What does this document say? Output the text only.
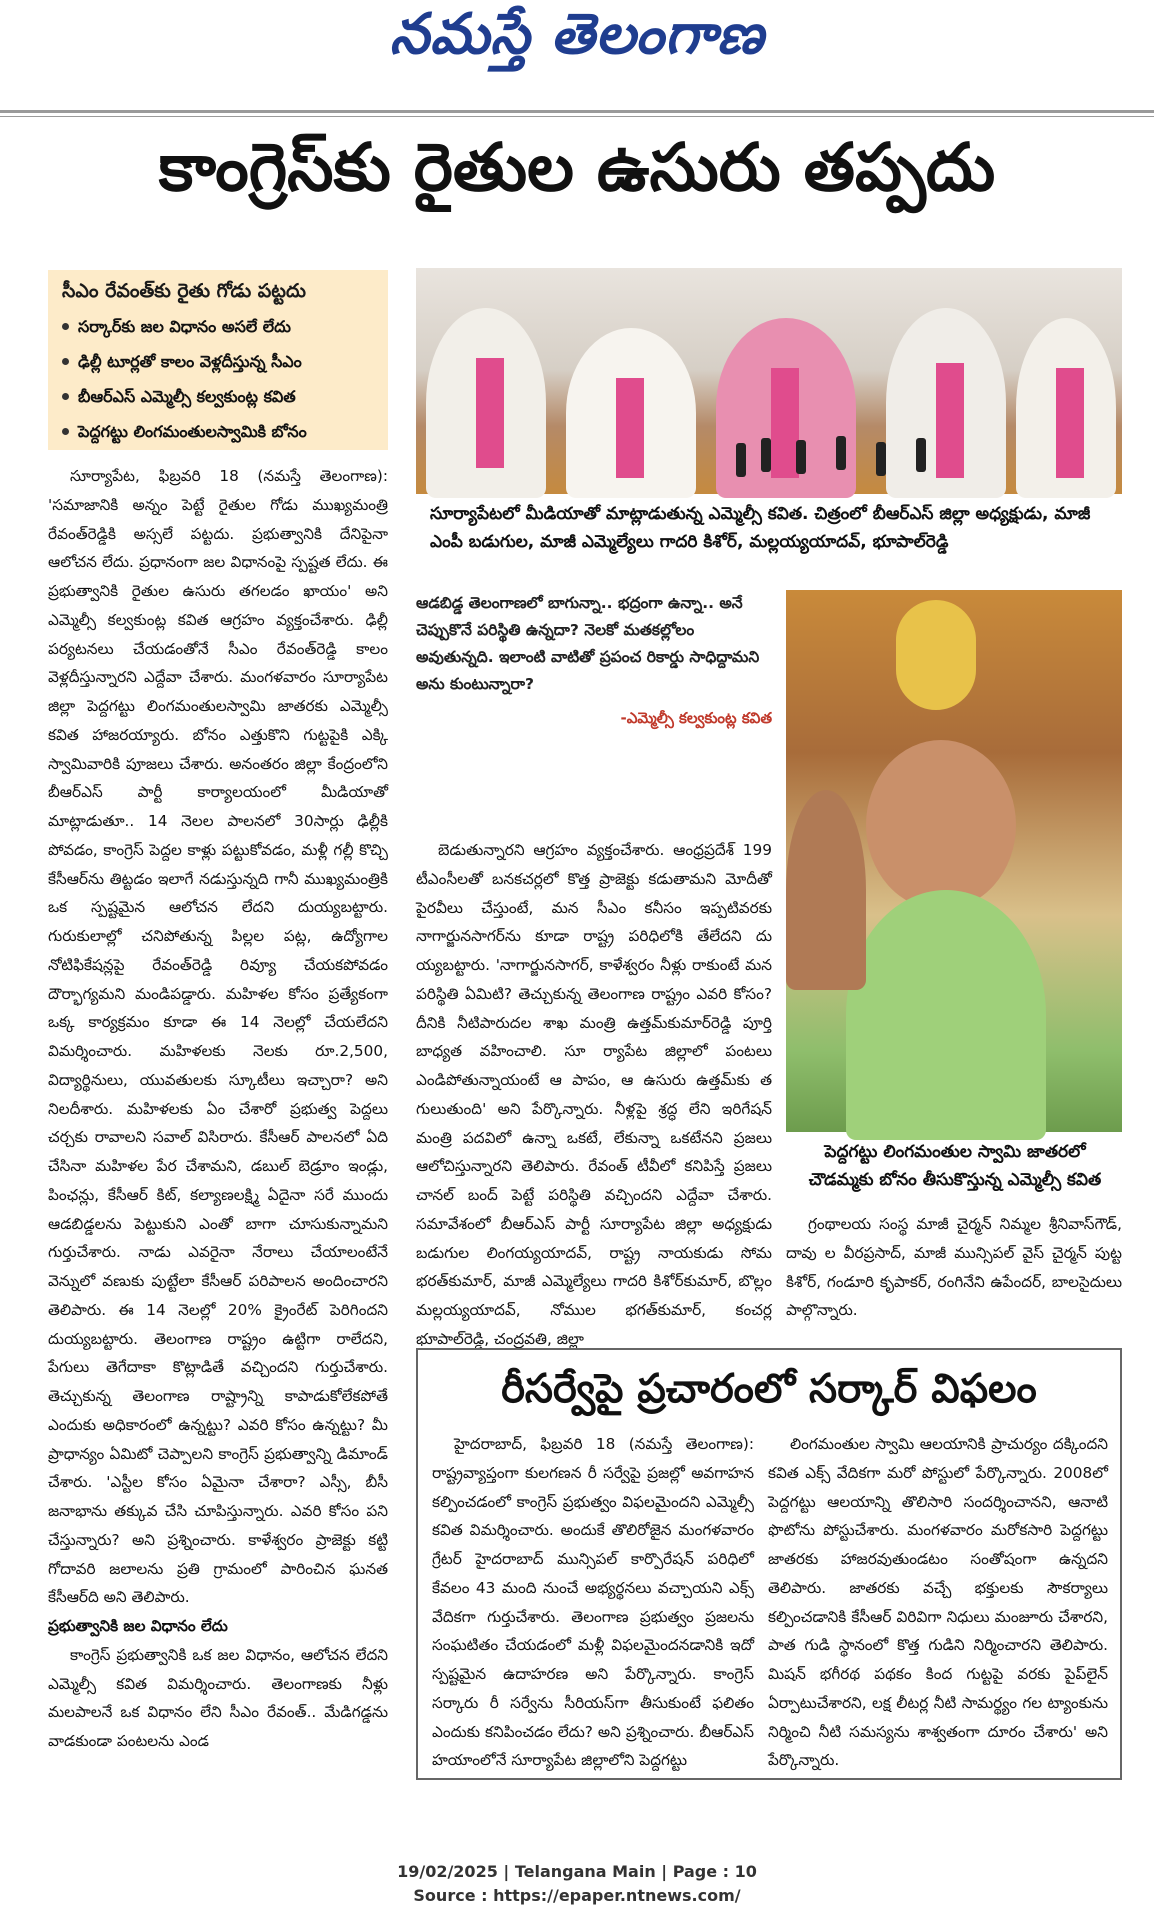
నమస్తే తెలంగాణ
కాంగ్రెస్‌కు రైతుల ఉసురు తప్పదు
సీఎం రేవంత్‌కు రైతు గోడు పట్టదు
సర్కార్‌కు జల విధానం అసలే లేదు
ఢిల్లీ టూర్లతో కాలం వెళ్లదీస్తున్న సీఎం
బీఆర్‌ఎస్ ఎమ్మెల్సీ కల్వకుంట్ల కవిత
పెద్దగట్టు లింగమంతులస్వామికి బోనం
సూర్యాపేటలో మీడియాతో మాట్లాడుతున్న ఎమ్మెల్సీ కవిత. చిత్రంలో బీఆర్‌ఎస్ జిల్లా అధ్యక్షుడు, మాజీ ఎంపీ బడుగుల, మాజీ ఎమ్మెల్యేలు గాదరి కిశోర్, మల్లయ్యయాదవ్, భూపాల్‌రెడ్డి
ఆడబిడ్డ తెలంగాణలో బాగున్నా.. భద్రంగా ఉన్నా.. అనే చెప్పుకొనే పరిస్థితి ఉన్నదా? నెలకో మతకల్లోలం అవుతున్నది. ఇలాంటి వాటితో ప్రపంచ రికార్డు సాధిద్దామని అను కుంటున్నారా?
-ఎమ్మెల్సీ కల్వకుంట్ల కవిత
పెద్దగట్టు లింగమంతుల స్వామి జాతరలో చౌడమ్మకు బోనం తీసుకొస్తున్న ఎమ్మెల్సీ కవిత

సూర్యాపేట, ఫిబ్రవరి 18 (నమస్తే తెలంగాణ): 'సమాజానికి అన్నం పెట్టే రైతుల గోడు ముఖ్యమంత్రి రేవంత్‌రెడ్డికి అస్సలే పట్టదు. ప్రభుత్వానికి దేనిపైనా ఆలోచన లేదు. ప్రధానంగా జల విధానంపై స్పష్టత లేదు. ఈ ప్రభుత్వానికి రైతుల ఉసురు తగలడం ఖాయం' అని ఎమ్మెల్సీ కల్వకుంట్ల కవిత ఆగ్రహం వ్యక్తంచేశారు. ఢిల్లీ పర్యటనలు చేయడంతోనే సీఎం రేవంత్‌రెడ్డి కాలం వెళ్లదీస్తున్నారని ఎద్దేవా చేశారు. మంగళవారం సూర్యాపేట జిల్లా పెద్దగట్టు లింగమంతులస్వామి జాతరకు ఎమ్మెల్సీ కవిత హాజరయ్యారు. బోనం ఎత్తుకొని గుట్టపైకి ఎక్కి స్వామివారికి పూజలు చేశారు. అనంతరం జిల్లా కేంద్రంలోని బీఆర్‌ఎస్ పార్టీ కార్యాలయంలో మీడియాతో మాట్లాడుతూ.. 14 నెలల పాలనలో 30సార్లు ఢిల్లీకి పోవడం, కాంగ్రెస్ పెద్దల కాళ్లు పట్టుకోవడం, మళ్లీ గల్లీ కొచ్చి కేసీఆర్‌ను తిట్టడం ఇలాగే నడుస్తున్నది గానీ ముఖ్యమంత్రికి ఒక స్పష్టమైన ఆలోచన లేదని దుయ్యబట్టారు. గురుకులాల్లో చనిపోతున్న పిల్లల పట్ల, ఉద్యోగాల నోటిఫికేషన్లపై రేవంత్‌రెడ్డి రివ్యూ చేయకపోవడం దౌర్భాగ్యమని మండిపడ్డారు. మహిళల కోసం ప్రత్యేకంగా ఒక్క కార్యక్రమం కూడా ఈ 14 నెలల్లో చేయలేదని విమర్శించారు. మహిళలకు నెలకు రూ.2,500, విద్యార్థినులు, యువతులకు స్కూటీలు ఇచ్చారా? అని నిలదీశారు. మహిళలకు ఏం చేశారో ప్రభుత్వ పెద్దలు చర్చకు రావాలని సవాల్ విసిరారు. కేసీఆర్ పాలనలో ఏది చేసినా మహిళల పేర చేశామని, డబుల్ బెడ్రూం ఇండ్లు, పింఛన్లు, కేసీఆర్ కిట్, కల్యాణలక్ష్మి ఏదైనా సరే ముందు ఆడబిడ్డలను పెట్టుకుని ఎంతో బాగా చూసుకున్నామని గుర్తుచేశారు. నాడు ఎవరైనా నేరాలు చేయాలంటేనే వెన్నులో వణుకు పుట్టేలా కేసీఆర్ పరిపాలన అందించారని తెలిపారు. ఈ 14 నెలల్లో 20% క్రైంరేట్ పెరిగిందని దుయ్యబట్టారు. తెలంగాణ రాష్ట్రం ఉట్టిగా రాలేదని, పేగులు తెగేదాకా కొట్లాడితే వచ్చిందని గుర్తుచేశారు. తెచ్చుకున్న తెలంగాణ రాష్ట్రాన్ని కాపాడుకోలేకపోతే ఎందుకు అధికారంలో ఉన్నట్టు? ఎవరి కోసం ఉన్నట్టు? మీ ప్రాధాన్యం ఏమిటో చెప్పాలని కాంగ్రెస్ ప్రభుత్వాన్ని డిమాండ్ చేశారు. 'ఎస్టీల కోసం ఏమైనా చేశారా? ఎస్సీ, బీసీ జనాభాను తక్కువ చేసి చూపిస్తున్నారు. ఎవరి కోసం పని చేస్తున్నారు? అని ప్రశ్నించారు. కాళేశ్వరం ప్రాజెక్టు కట్టి గోదావరి జలాలను ప్రతి గ్రామంలో పారించిన ఘనత కేసీఆర్‌ది అని తెలిపారు.

ప్రభుత్వానికి జల విధానం లేదు

కాంగ్రెస్ ప్రభుత్వానికి ఒక జల విధానం, ఆలోచన లేదని ఎమ్మెల్సీ కవిత విమర్శించారు. తెలంగాణకు నీళ్లు మలపాలనే ఒక విధానం లేని సీఎం రేవంత్.. మేడిగడ్డను వాడకుండా పంటలను ఎండ

బెడుతున్నారని ఆగ్రహం వ్యక్తంచేశారు. ఆంధ్రప్రదేశ్ 199 టీఎంసీలతో బనకచర్లలో కొత్త ప్రాజెక్టు కడుతామని మోదీతో పైరవీలు చేస్తుంటే, మన సీఎం కనీసం ఇప్పటివరకు నాగార్జునసాగర్‌ను కూడా రాష్ట్ర పరిధిలోకి తేలేదని దు య్యబట్టారు. 'నాగార్జునసాగర్, కాళేశ్వరం నీళ్లు రాకుంటే మన పరిస్థితి ఏమిటి? తెచ్చుకున్న తెలంగాణ రాష్ట్రం ఎవరి కోసం? దీనికి నీటిపారుదల శాఖ మంత్రి ఉత్తమ్‌కుమార్‌రెడ్డి పూర్తి బాధ్యత వహించాలి. సూ ర్యాపేట జిల్లాలో పంటలు ఎండిపోతున్నాయంటే ఆ పాపం, ఆ ఉసురు ఉత్తమ్‌కు త గులుతుంది' అని పేర్కొన్నారు. నీళ్లపై శ్రద్ధ లేని ఇరిగేషన్ మంత్రి పదవిలో ఉన్నా ఒకటే, లేకున్నా ఒకటేనని ప్రజలు ఆలోచిస్తున్నారని తెలిపారు. రేవంత్ టీవీలో కనిపిస్తే ప్రజలు చానల్ బంద్ పెట్టే పరిస్థితి వచ్చిందని ఎద్దేవా చేశారు. సమావేశంలో బీఆర్‌ఎస్ పార్టీ సూర్యాపేట జిల్లా అధ్యక్షుడు బడుగుల లింగయ్యయాదవ్, రాష్ట్ర నాయకుడు సోమ భరత్‌కుమార్, మాజీ ఎమ్మెల్యేలు గాదరి కిశోర్‌కుమార్, బొల్లం మల్లయ్యయాదవ్, నోముల భగత్‌కుమార్, కంచర్ల భూపాల్‌రెడ్డి, చంద్రవతి, జిల్లా

గ్రంథాలయ సంస్థ మాజీ చైర్మన్ నిమ్మల శ్రీనివాస్‌గౌడ్, దావు ల వీరప్రసాద్, మాజీ మున్సిపల్ వైస్ చైర్మన్ పుట్ట కిశోర్, గండూరి కృపాకర్, రంగినేని ఉపేందర్, బాలసైదులు పాల్గొన్నారు.

రీసర్వేపై ప్రచారంలో సర్కార్ విఫలం

హైదరాబాద్, ఫిబ్రవరి 18 (నమస్తే తెలంగాణ): రాష్ట్రవ్యాప్తంగా కులగణన రీ సర్వేపై ప్రజల్లో అవగాహన కల్పించడంలో కాంగ్రెస్ ప్రభుత్వం విఫలమైందని ఎమ్మెల్సీ కవిత విమర్శించారు. అందుకే తొలిరోజైన మంగళవారం గ్రేటర్ హైదరాబాద్ మున్సిపల్ కార్పొరేషన్ పరిధిలో కేవలం 43 మంది నుంచే అభ్యర్థనలు వచ్చాయని ఎక్స్ వేదికగా గుర్తుచేశారు. తెలంగాణ ప్రభుత్వం ప్రజలను సంఘటితం చేయడంలో మళ్లీ విఫలమైందనడానికి ఇదో స్పష్టమైన ఉదాహరణ అని పేర్కొన్నారు. కాంగ్రెస్ సర్కారు రీ సర్వేను సీరియస్‌గా తీసుకుంటే ఫలితం ఎందుకు కనిపించడం లేదు? అని ప్రశ్నించారు. బీఆర్‌ఎస్ హయాంలోనే సూర్యాపేట జిల్లాలోని పెద్దగట్టు

లింగమంతుల స్వామి ఆలయానికి ప్రాచుర్యం దక్కిందని కవిత ఎక్స్ వేదికగా మరో పోస్టులో పేర్కొన్నారు. 2008లో పెద్దగట్టు ఆలయాన్ని తొలిసారి సందర్శించానని, ఆనాటి ఫొటోను పోస్టుచేశారు. మంగళవారం మరోకసారి పెద్దగట్టు జాతరకు హాజరవుతుండటం సంతోషంగా ఉన్నదని తెలిపారు. జాతరకు వచ్చే భక్తులకు సౌకర్యాలు కల్పించడానికి కేసీఆర్ విరివిగా నిధులు మంజూరు చేశారని, పాత గుడి స్థానంలో కొత్త గుడిని నిర్మించారని తెలిపారు. మిషన్ భగీరథ పథకం కింద గుట్టపై వరకు పైప్‌లైన్ ఏర్పాటుచేశారని, లక్ష లీటర్ల నీటి సామర్థ్యం గల ట్యాంకును నిర్మించి నీటి సమస్యను శాశ్వతంగా దూరం చేశారు' అని పేర్కొన్నారు.

19/02/2025 | Telangana Main | Page : 10
Source : https://epaper.ntnews.com/
